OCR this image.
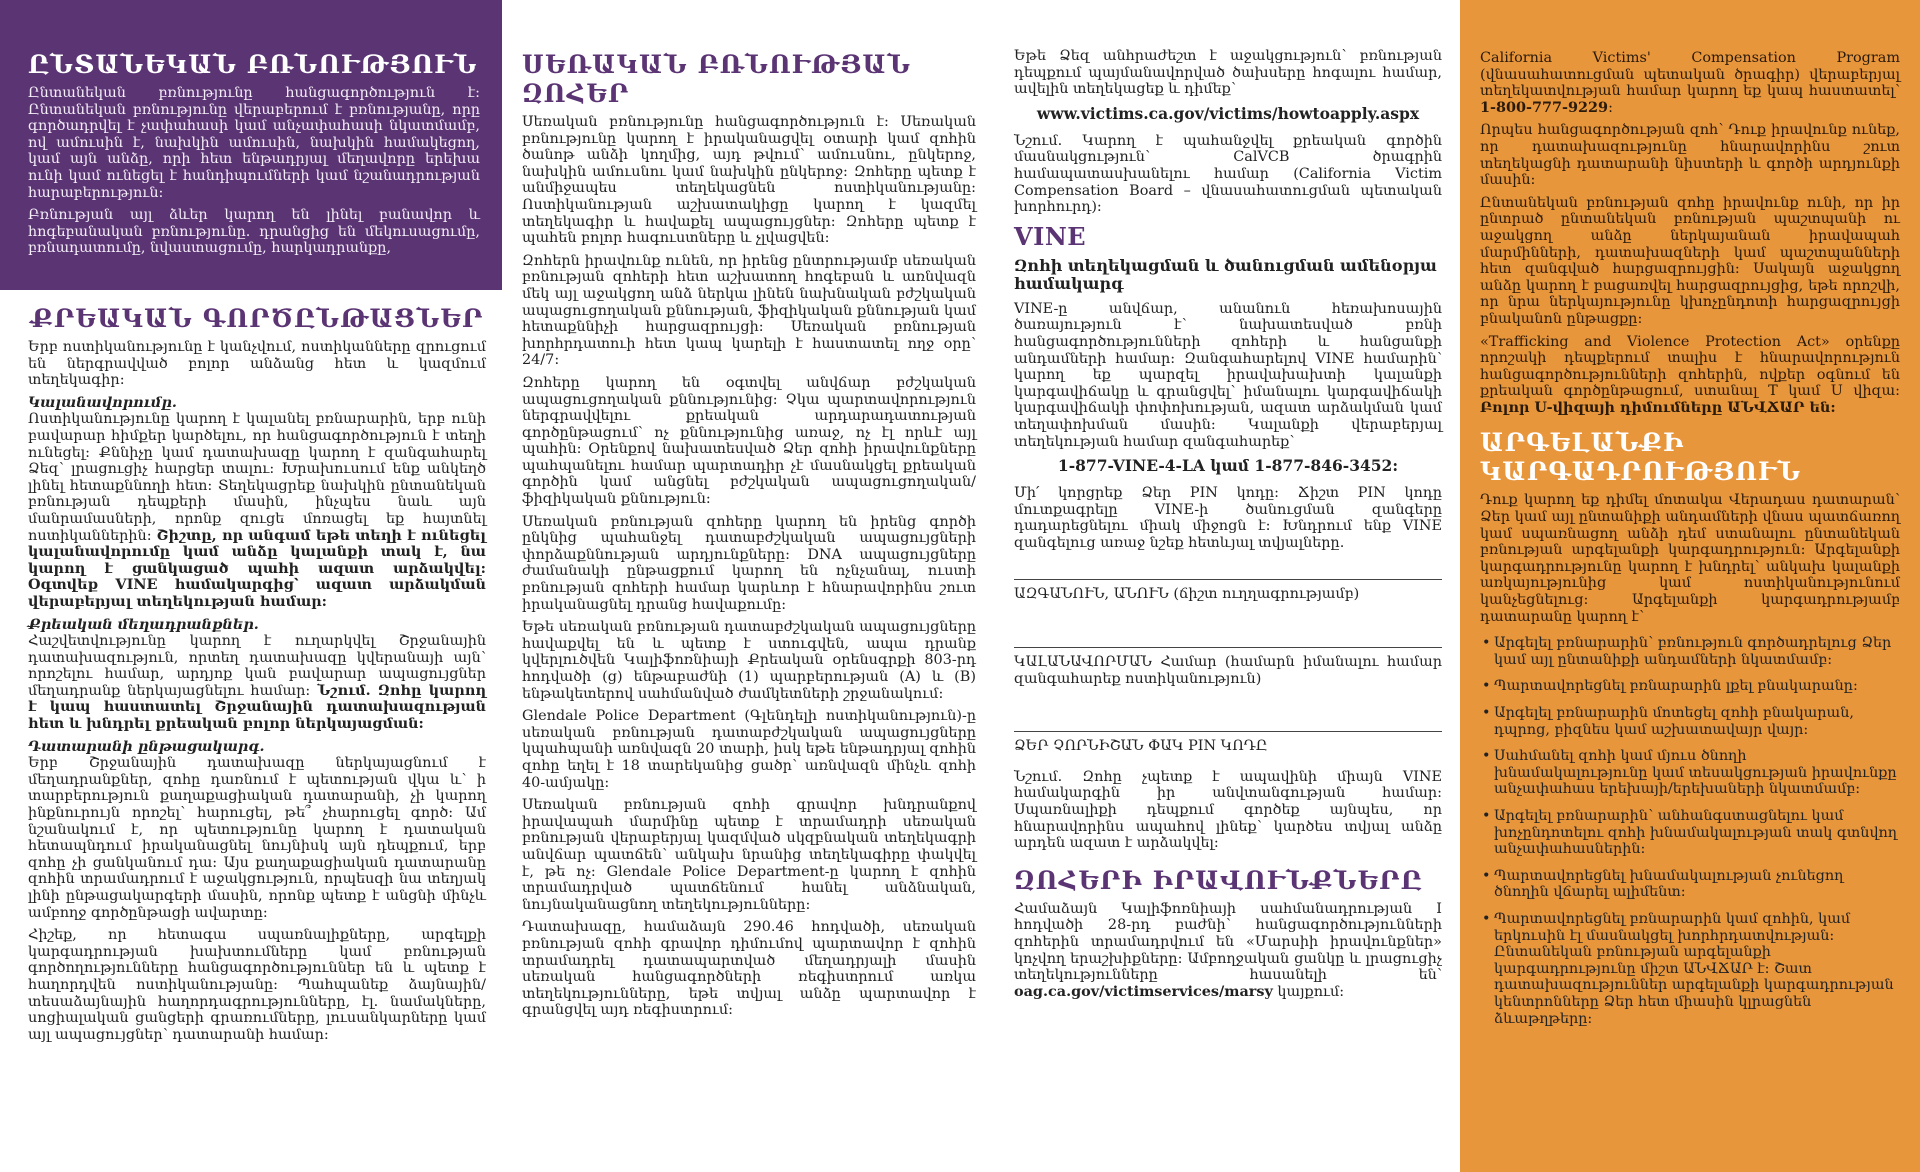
ԸՆՏԱՆԵԿԱՆ ԲՌՆՈՒԹՅՈՒՆ

Ընտանեկան բռնությունը հանցագործություն է: Ընտանեկան բռնությունը վերաբերում է բռնությանը, որը գործադրվել է չափահասի կամ անչափահասի նկատմամբ, ով ամուսին է, նախկին ամուսին, նախկին համակեցող, կամ այն անձը, որի հետ ենթադրյալ մեղավորը երեխա ունի կամ ունեցել է հանդիպումների կամ նշանադրության հարաբերություն:

Բռնության այլ ձևեր կարող են լինել բանավոր և հոգեբանական բռնությունը. դրանցից են մեկուսացումը, բռնադատումը, նվաստացումը, հարկադրանքը,

ՔՐԵԱԿԱՆ ԳՈՐԾԸՆԹԱՑՆԵՐ

Երբ ոստիկանությունը է կանչվում, ոստիկանները զրուցում են ներգրավված բոլոր անձանց հետ և կազմում տեղեկագիր:

Կալանավորումը.
Ոստիկանությունը կարող է կալանել բռնարարին, երբ ունի բավարար հիմքեր կարծելու, որ հանցագործություն է տեղի ունեցել: Քննիչը կամ դատախազը կարող է զանգահարել Ձեզ՝ լրացուցիչ հարցեր տալու: Խրախուսում ենք անկեղծ լինել հետաքննողի հետ: Տեղեկացրեք նախկին ընտանեկան բռնության դեպքերի մասին, ինչպես նաև այն մանրամասների, որոնք զուցե մոռացել եք հայտնել ոստիկաններին: Շիշտը, որ անգամ եթե տեղի է ունեցել կալանավորումը կամ անձը կալանքի տակ է, նա կարող է ցանկացած պահի ազատ արձակվել: Օգտվեք VINE համակարգից՝ ազատ արձակման վերաբերյալ տեղեկության համար:

Քրեական մեղադրանքներ.
Հաշվետվությունը կարող է ուղարկվել Շրջանային դատախազություն, որտեղ դատախազը կվերանայի այն՝ որոշելու համար, արդյոք կան բավարար ապացույցներ մեղադրանք ներկայացնելու համար: Նշում. Զոհը կարող է կապ հաստատել Շրջանային դատախազության հետ և խնդրել քրեական բոլոր ներկայացման:

Դատարանի ընթացակարգ.
Երբ Շրջանային դատախազը ներկայացնում է մեղադրանքներ, զոհը դառնում է պետության վկա և՝ ի տարբերություն քաղաքացիական դատարանի, չի կարող ինքնուրույն որոշել՝ հարուցել, թե՞ չհարուցել գործ: Ամ նշանակում է, որ պետությունը կարող է դատական հետապնդում իրականացնել նույնիսկ այն դեպքում, երբ զոհը չի ցանկանում դա: Այս քաղաքացիական դատարանը զոհին տրամադրում է աջակցություն, որպեսզի նա տեղյակ լինի ընթացակարգերի մասին, որոնք պետք է անցնի մինչև ամբողջ գործընթացի ավարտը:

Հիշեք, որ հետագա սպառնալիքները, արգելքի կարգադրության խախտումները կամ բռնության գործողությունները հանցագործություններ են և պետք է հաղորդվեն ոստիկանությանը: Պահպանեք ձայնային/տեսաձայնային հաղորդագրությունները, էլ. նամակները, սոցիալական ցանցերի գրառումները, լուսանկարները կամ այլ ապացույցներ՝ դատարանի համար:

ՍԵՌԱԿԱՆ ԲՌՆՈՒԹՅԱՆ ԶՈՀԵՐ

Սեռական բռնությունը հանցագործություն է: Սեռական բռնությունը կարող է իրականացվել օտարի կամ զոհին ծանոթ անձի կողմից, այդ թվում՝ ամուսնու, ընկերոջ, նախկին ամուսնու կամ նախկին ընկերոջ: Զոհերը պետք է անմիջապես տեղեկացնեն ոստիկանությանը: Ոստիկանության աշխատակիցը կարող է կազմել տեղեկագիր և հավաքել ապացույցներ: Զոհերը պետք է պահեն բոլոր հագուստները և չլվացվեն:

Զոհերն իրավունք ունեն, որ իրենց ընտրությամբ սեռական բռնության զոհերի հետ աշխատող հոգեբան և առնվազն մեկ այլ աջակցող անձ ներկա լինեն նախնական բժշկական ապացուցողական քննության, ֆիզիկական քննության կամ հետաքննիչի հարցազրույցի: Սեռական բռնության խորհրդատուի հետ կապ կարելի է հաստատել ողջ օրը՝ 24/7:

Զոհերը կարող են օգտվել անվճար բժշկական ապացուցողական քննությունից: Չկա պարտավորություն ներգրավվելու քրեական արդարադատության գործընթացում՝ ոչ քննությունից առաջ, ոչ էլ որևէ այլ պահին: Օրենքով նախատեսված Ձեր զոհի իրավունքները պահպանելու համար պարտադիր չէ մասնակցել քրեական գործին կամ անցնել բժշկական ապացուցողական/ֆիզիկական քննություն:

Սեռական բռնության զոհերը կարող են իրենց գործի ընկնից պահանջել դատաբժշկական ապացույցների փորձաքննության արդյունքները: DNA ապացույցները ժամանակի ընթացքում կարող են ոչնչանալ, ուստի բռնության զոհերի համար կարևոր է հնարավորինս շուտ իրականացնել դրանց հավաքումը:

Եթե սեռական բռնության դատաբժշկական ապացույցները հավաքվել են և պետք է ստուգվեն, ապա դրանք կվերլուծվեն Կալիֆոռնիայի Քրեական օրենսգրքի 803-րդ հոդվածի (g) ենթաբաժնի (1) պարբերության (A) և (B) ենթակետերով սահմանված ժամկետների շրջանակում:

Glendale Police Department (Գլենդելի ոստիկանություն)-ը սեռական բռնության դատաբժշկական ապացույցները կպահպանի առնվազն 20 տարի, իսկ եթե ենթադրյալ զոհին զոհը եղել է 18 տարեկանից ցածր՝ առնվազն մինչև զոհի 40-ամյակը:

Սեռական բռնության զոհի գրավոր խնդրանքով իրավապահ մարմինը պետք է տրամադրի սեռական բռնության վերաբերյալ կազմված սկզբնական տեղեկագրի անվճար պատճեն՝ անկախ նրանից տեղեկագիրը փակվել է, թե ոչ: Glendale Police Department-ը կարող է զոհին տրամադրված պատճենում հանել անձնական, նույնականացնող տեղեկությունները:

Դատախազը, համաձայն 290.46 հոդվածի, սեռական բռնության զոհի գրավոր դիմումով պարտավոր է զոհին տրամադրել դատապարտված մեղադրյալի մասին սեռական հանցագործների ռեգիստրում առկա տեղեկությունները, եթե տվյալ անձը պարտավոր է գրանցվել այդ ռեգիստրում:

Եթե Ձեզ անհրաժեշտ է աջակցություն՝ բռնության դեպքում պայմանավորված ծախսերը հոգալու համար, ավելին տեղեկացեք և դիմեք՝

www.victims.ca.gov/victims/howtoapply.aspx

Նշում. Կարող է պահանջվել քրեական գործին մասնակցություն՝ CalVCB ծրագրին համապատասխանելու համար (California Victim Compensation Board – վնասահատուցման պետական խորհուրդ):

VINE
Զոհի տեղեկացման և ծանուցման ամենօրյա համակարգ

VINE-ը անվճար, անանուն հեռախոսային ծառայություն է՝ նախատեսված բռնի հանցագործությունների զոհերի և հանցանքի անդամների համար: Զանգահարելով VINE համարին՝ կարող եք պարզել իրավախախտի կալանքի կարգավիճակը և գրանցվել՝ իմանալու կարգավիճակի կարգավիճակի փոփոխության, ազատ արձակման կամ տեղափոխման մասին: Կալանքի վերաբերյալ տեղեկության համար զանգահարեք՝

1-877-VINE-4-LA կամ 1-877-846-3452:

Մի՛ կորցրեք Ձեր PIN կոդը: Ճիշտ PIN կոդը մուտքագրելը VINE-ի ծանուցման զանգերը դադարեցնելու միակ միջոցն է: Խնդրում ենք VINE զանգելուց առաջ նշեք հետևյալ տվյալները.

ԱԶԳԱՆՈՒՆ, ԱՆՈՒՆ (ճիշտ ուղղագրությամբ)

ԿԱԼԱՆԱՎՈՐՄԱՆ Համար (համարն իմանալու համար զանգահարեք ոստիկանություն)

ՁԵՐ ՉՈՐՆԻՇԱՆ ՓԱԿ PIN ԿՈԴԸ

Նշում. Զոհը չպետք է ապավինի միայն VINE համակարգին իր անվտանգության համար: Սպառնալիքի դեպքում գործեք այնպես, որ հնարավորինս ապահով լինեք՝ կարծես տվյալ անձը արդեն ազատ է արձակվել:

ԶՈՀԵՐԻ ԻՐԱՎՈՒՆՔՆԵՐԸ

Համաձայն Կալիֆոռնիայի սահմանադրության I հոդվածի 28-րդ բաժնի՝ հանցագործությունների զոհերին տրամադրվում են «Մարսիի իրավունքներ» կոչվող երաշխիքները: Ամբողջական ցանկը և լրացուցիչ տեղեկությունները հասանելի են՝ oag.ca.gov/victimservices/marsy կայքում:

California Victims' Compensation Program (վնասահատուցման պետական ծրագիր) վերաբերյալ տեղեկատվության համար կարող եք կապ հաստատել՝ 1-800-777-9229:

Որպես հանցագործության զոհ՝ Դուք իրավունք ունեք, որ դատախազությունը հնարավորինս շուտ տեղեկացնի դատարանի նիստերի և գործի արդյունքի մասին:

Ընտանեկան բռնության զոհը իրավունք ունի, որ իր ընտրած ընտանեկան բռնության պաշտպանի ու աջակցող անձը ներկայանան իրավապահ մարմինների, դատախազների կամ պաշտպանների հետ զանգված հարցազրույցին: Սակայն աջակցող անձը կարող է բացառվել հարցազրույցից, եթե որոշվի, որ նրա ներկայությունը կխոչընդոտի հարցազրույցի բնականոն ընթացքը:

«Trafficking and Violence Protection Act» օրենքը որոշակի դեպքերում տալիս է հնարավորություն հանցագործությունների զոհերին, ովքեր օգնում են քրեական գործընթացում, ստանալ T կամ U վիզա: Բոլոր U-վիզայի դիմումները ԱՆՎՃԱՐ են:

ԱՐԳԵԼԱՆՔԻ ԿԱՐԳԱԴՐՈՒԹՅՈՒՆ

Դուք կարող եք դիմել մոտակա Վերադաս դատարան՝ Ձեր կամ այլ ընտանիքի անդամների վնաս պատճառող կամ սպառնացող անձի դեմ ստանալու ընտանեկան բռնության արգելանքի կարգադրություն: Արգելանքի կարգադրությունը կարող է խնդրել՝ անկախ կալանքի առկայությունից կամ ոստիկանությունում կանչեցնելուց: Արգելանքի կարգադրությամբ դատարանը կարող է՝

• Արգելել բռնարարին՝ բռնություն գործադրելուց Ձեր կամ այլ ընտանիքի անդամների նկատմամբ:
• Պարտավորեցնել բռնարարին լքել բնակարանը:
• Արգելել բռնարարին մոտեցել զոհի բնակարան, դպրոց, բիզնես կամ աշխատավայր վայր:
• Սահմանել զոհի կամ մյուս ծնողի խնամակալությունը կամ տեսակցության իրավունքը անչափահաս երեխայի/երեխաների նկատմամբ:
• Արգելել բռնարարին՝ անհանգստացնելու կամ խոչընդոտելու զոհի խնամակալության տակ գտնվող անչափահասներին:
• Պարտավորեցնել խնամակալության չունեցող ծնողին վճարել ալիմենտ:
• Պարտավորեցնել բռնարարին կամ զոհին, կամ երկուսին էլ մասնակցել խորհրդատվության: Ընտանեկան բռնության արգելանքի կարգադրությունը միշտ ԱՆՎՃԱՐ է: Շատ դատախազություններ արգելանքի կարգադրության կենտրոնները Ձեր հետ միասին կլրացնեն ձևաթղթերը:
